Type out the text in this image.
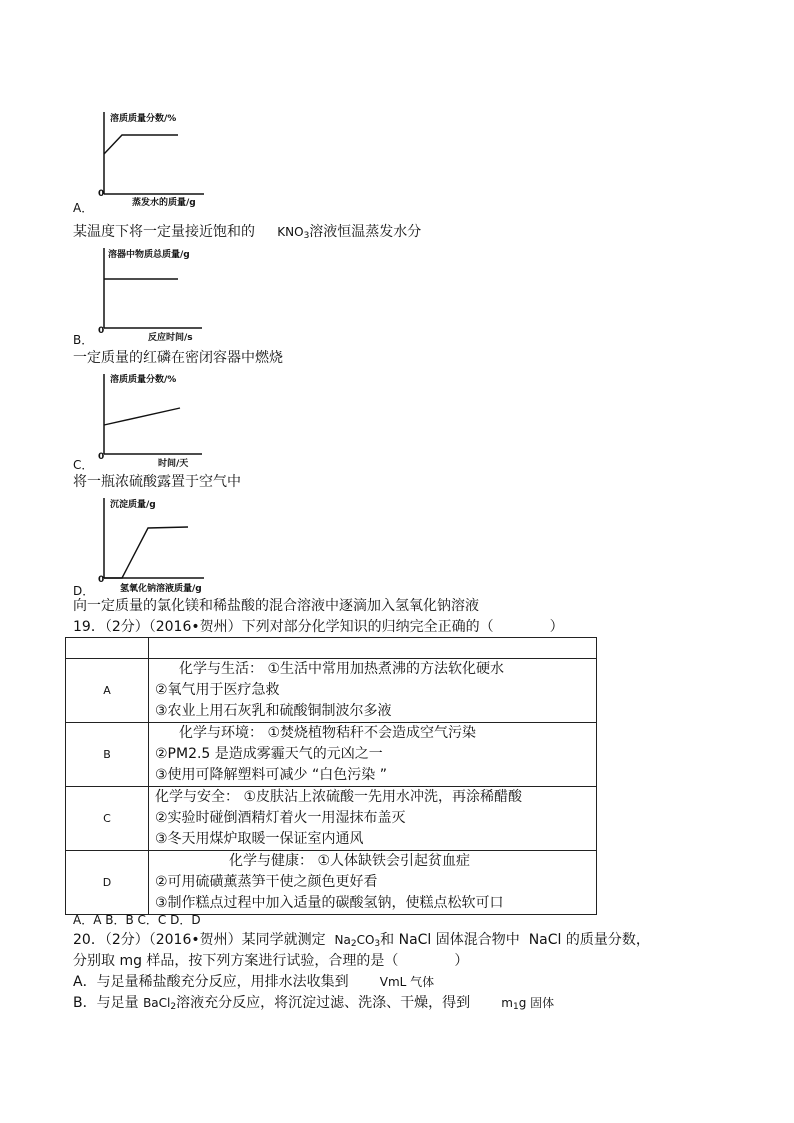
溶质质量分数/%
蒸发水的质量/g
0
A．
某温度下将一定量接近饱和的 $KNO_3$溶液恒温蒸发水分
溶器中物质总质量/g
反应时间/s
0
B．
一定质量的红磷在密闭容器中燃烧
溶质质量分数/%
时间/天
0
C．
将一瓶浓硫酸露置于空气中
沉淀质量/g
氢氧化钠溶液质量/g
0
D．
向一定质量的氯化镁和稀盐酸的混合溶液中逐滴加入氢氧化钠溶液
19．（2分）（2016•贺州）下列对部分化学知识的归纳完全正确的（　　　　）

A	化学与生活： ①生活中常用加热煮沸的方法软化硬水
②氧气用于医疗急救
③农业上用石灰乳和硫酸铜制波尔多液

B	化学与环境： ①焚烧植物秸秆不会造成空气污染
②PM2.5 是造成雾霾天气的元凶之一
③使用可降解塑料可减少 “白色污染 ”

C	化学与安全： ①皮肤沾上浓硫酸一先用水冲洗，再涂稀醋酸
②实验时碰倒酒精灯着火一用湿抹布盖灭
③冬天用煤炉取暖一保证室内通风

D	化学与健康： ①人体缺铁会引起贫血症
②可用硫磺薰蒸笋干使之颜色更好看
③制作糕点过程中加入适量的碳酸氢钠，使糕点松软可口
A．A B．B C．C D．D
20．（2分）（2016•贺州）某同学就测定 $Na_2CO_3$和 NaCl 固体混合物中 NaCl 的质量分数，
分别取 mg 样品，按下列方案进行试验，合理的是（　　　　）
A．与足量稀盐酸充分反应，用排水法收集到	VmL 气体
B．与足量 BaCl$_2$溶液充分反应，将沉淀过滤、洗涤、干燥，得到	$m_1g$ 固体
